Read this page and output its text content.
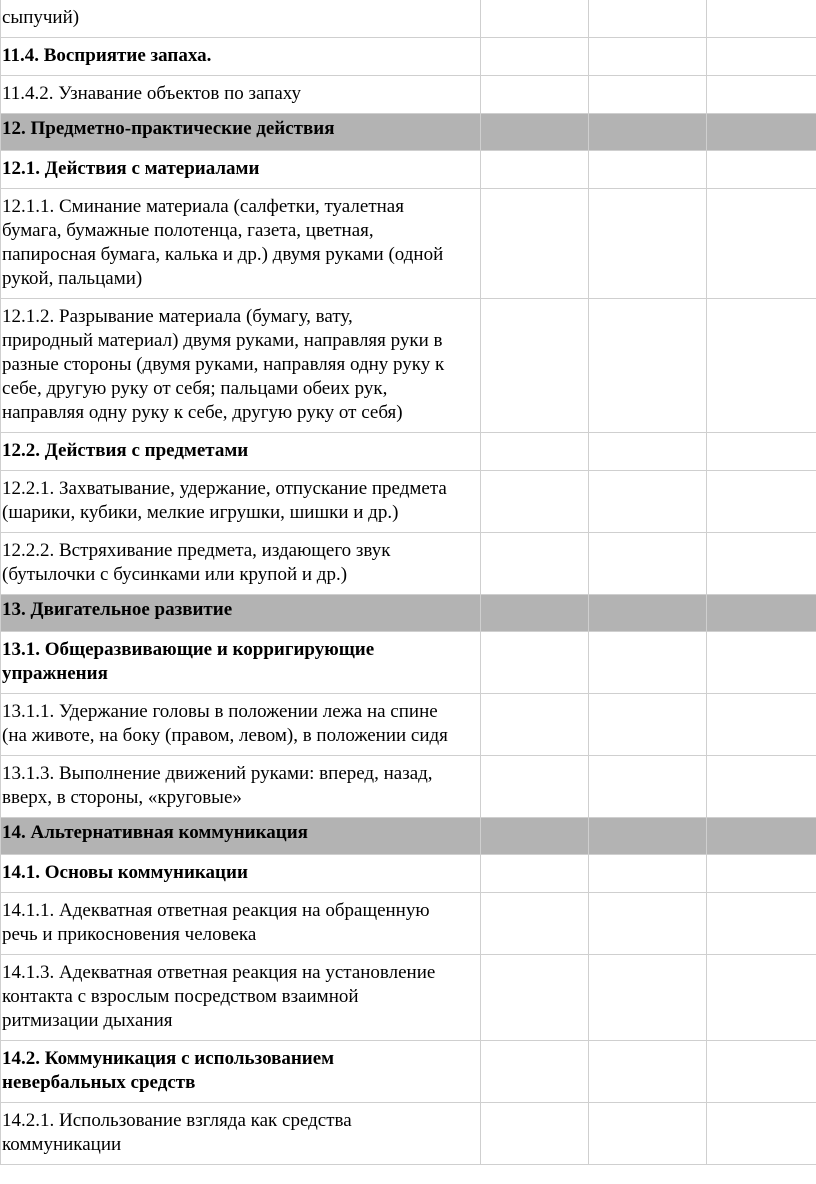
сыпучий)			

11.4. Восприятие запаха.			

11.4.2. Узнавание объектов по запаху			

12. Предметно-практические действия			

12.1. Действия с материалами			

12.1.1. Сминание материала (салфетки, туалетная
бумага, бумажные полотенца, газета, цветная,
папиросная бумага, калька и др.) двумя руками (одной
рукой, пальцами)			

12.1.2. Разрывание материала (бумагу, вату,
природный материал) двумя руками, направляя руки в
разные стороны (двумя руками, направляя одну руку к
себе, другую руку от себя; пальцами обеих рук,
направляя одну руку к себе, другую руку от себя)			

12.2. Действия с предметами			

12.2.1. Захватывание, удержание, отпускание предмета
(шарики, кубики, мелкие игрушки, шишки и др.)			

12.2.2. Встряхивание предмета, издающего звук
(бутылочки с бусинками или крупой и др.)			

13. Двигательное развитие			

13.1. Общеразвивающие и корригирующие
упражнения			

13.1.1. Удержание головы в положении лежа на спине
(на животе, на боку (правом, левом), в положении сидя			

13.1.3. Выполнение движений руками: вперед, назад,
вверх, в стороны, «круговые»			

14. Альтернативная коммуникация			

14.1. Основы коммуникации			

14.1.1. Адекватная ответная реакция на обращенную
речь и прикосновения человека			

14.1.3. Адекватная ответная реакция на установление
контакта с взрослым посредством взаимной
ритмизации дыхания			

14.2. Коммуникация с использованием
невербальных средств			

14.2.1. Использование взгляда как средства
коммуникации			
